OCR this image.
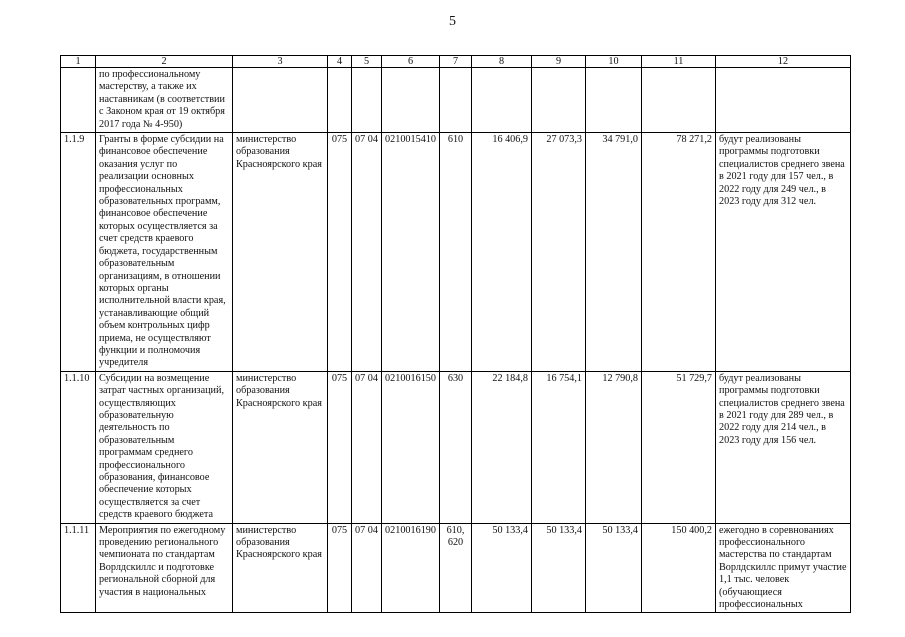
5
1	2	3	4	5	6	7	8	9	10	11	12
	по профессиональному мастерству, а также их наставникам (в соответствии с Законом края от 19 октября 2017 года № 4-950)										
1.1.9	Гранты в форме субсидии на финансовое обеспечение оказания услуг по реализации основных профессиональных образовательных программ, финансовое обеспечение которых осуществляется за счет средств краевого бюджета, государственным образовательным организациям, в отношении которых органы исполнительной власти края, устанавливающие общий объем контрольных цифр приема, не осуществляют функции и полномочия учредителя	министерство образования Красноярского края	075	07 04	0210015410	610	16 406,9	27 073,3	34 791,0	78 271,2	будут реализованы программы подготовки специалистов среднего звена в 2021 году для 157 чел., в 2022 году для 249 чел., в 2023 году для 312 чел.
1.1.10	Субсидии на возмещение затрат частных организаций, осуществляющих образовательную деятельность по образовательным программам среднего профессионального образования, финансовое обеспечение которых осуществляется за счет средств краевого бюджета	министерство образования Красноярского края	075	07 04	0210016150	630	22 184,8	16 754,1	12 790,8	51 729,7	будут реализованы программы подготовки специалистов среднего звена в 2021 году для 289 чел., в 2022 году для 214 чел., в 2023 году для 156 чел.
1.1.11	Мероприятия по ежегодному проведению регионального чемпионата по стандартам Ворлдскиллс и подготовке региональной сборной для участия в национальных	министерство образования Красноярского края	075	07 04	0210016190	610, 620	50 133,4	50 133,4	50 133,4	150 400,2	ежегодно в соревнованиях профессионального мастерства по стандартам Ворлдскиллс примут участие 1,1 тыс. человек (обучающиеся профессиональных
